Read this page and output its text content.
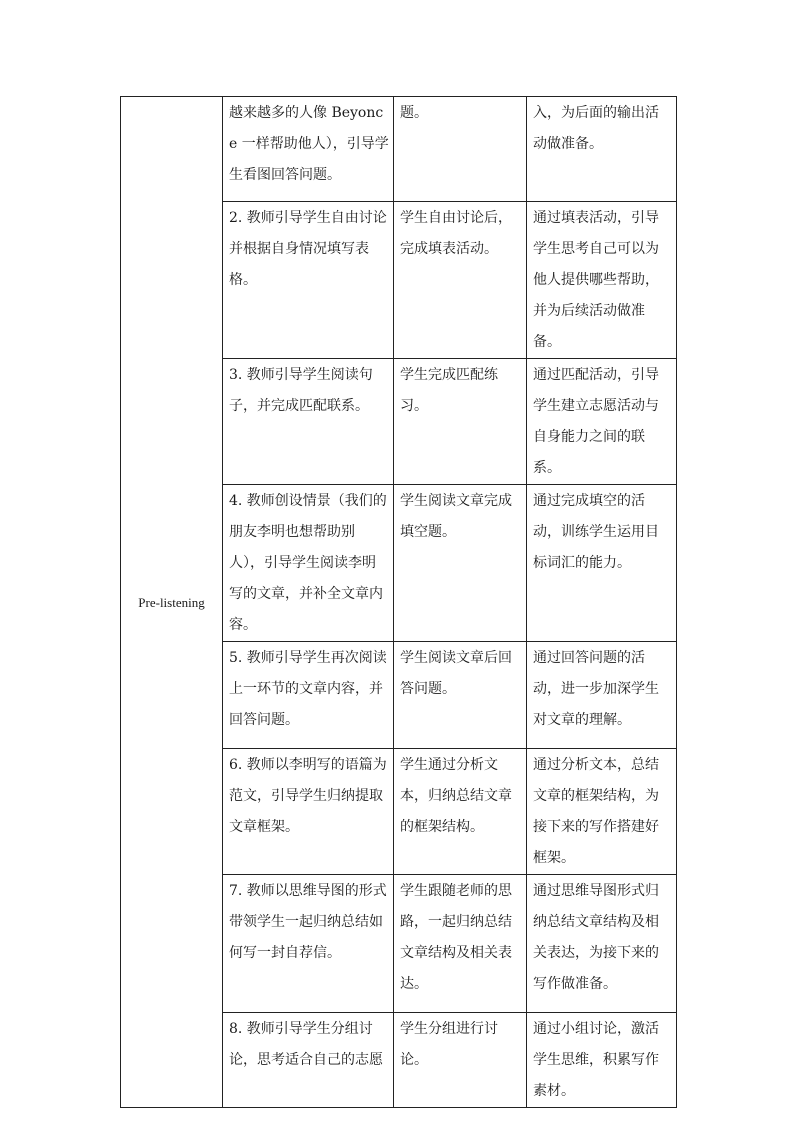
Pre-listening	越来越多的人像 Beyonce 一样帮助他人），引导学生看图回答问题。	题。	入，为后面的输出活动做准备。

	2. 教师引导学生自由讨论并根据自身情况填写表格。	学生自由讨论后，完成填表活动。	通过填表活动，引导学生思考自己可以为他人提供哪些帮助，并为后续活动做准备。

	3. 教师引导学生阅读句子，并完成匹配联系。	学生完成匹配练习。	通过匹配活动，引导学生建立志愿活动与自身能力之间的联系。

	4. 教师创设情景（我们的朋友李明也想帮助别人），引导学生阅读李明写的文章，并补全文章内容。	学生阅读文章完成填空题。	通过完成填空的活动，训练学生运用目标词汇的能力。

	5. 教师引导学生再次阅读上一环节的文章内容，并回答问题。	学生阅读文章后回答问题。	通过回答问题的活动，进一步加深学生对文章的理解。

	6. 教师以李明写的语篇为范文，引导学生归纳提取文章框架。	学生通过分析文本，归纳总结文章的框架结构。	通过分析文本，总结文章的框架结构，为接下来的写作搭建好框架。

	7. 教师以思维导图的形式带领学生一起归纳总结如何写一封自荐信。	学生跟随老师的思路，一起归纳总结文章结构及相关表达。	通过思维导图形式归纳总结文章结构及相关表达，为接下来的写作做准备。

	8. 教师引导学生分组讨论，思考适合自己的志愿	学生分组进行讨论。	通过小组讨论，激活学生思维，积累写作素材。
